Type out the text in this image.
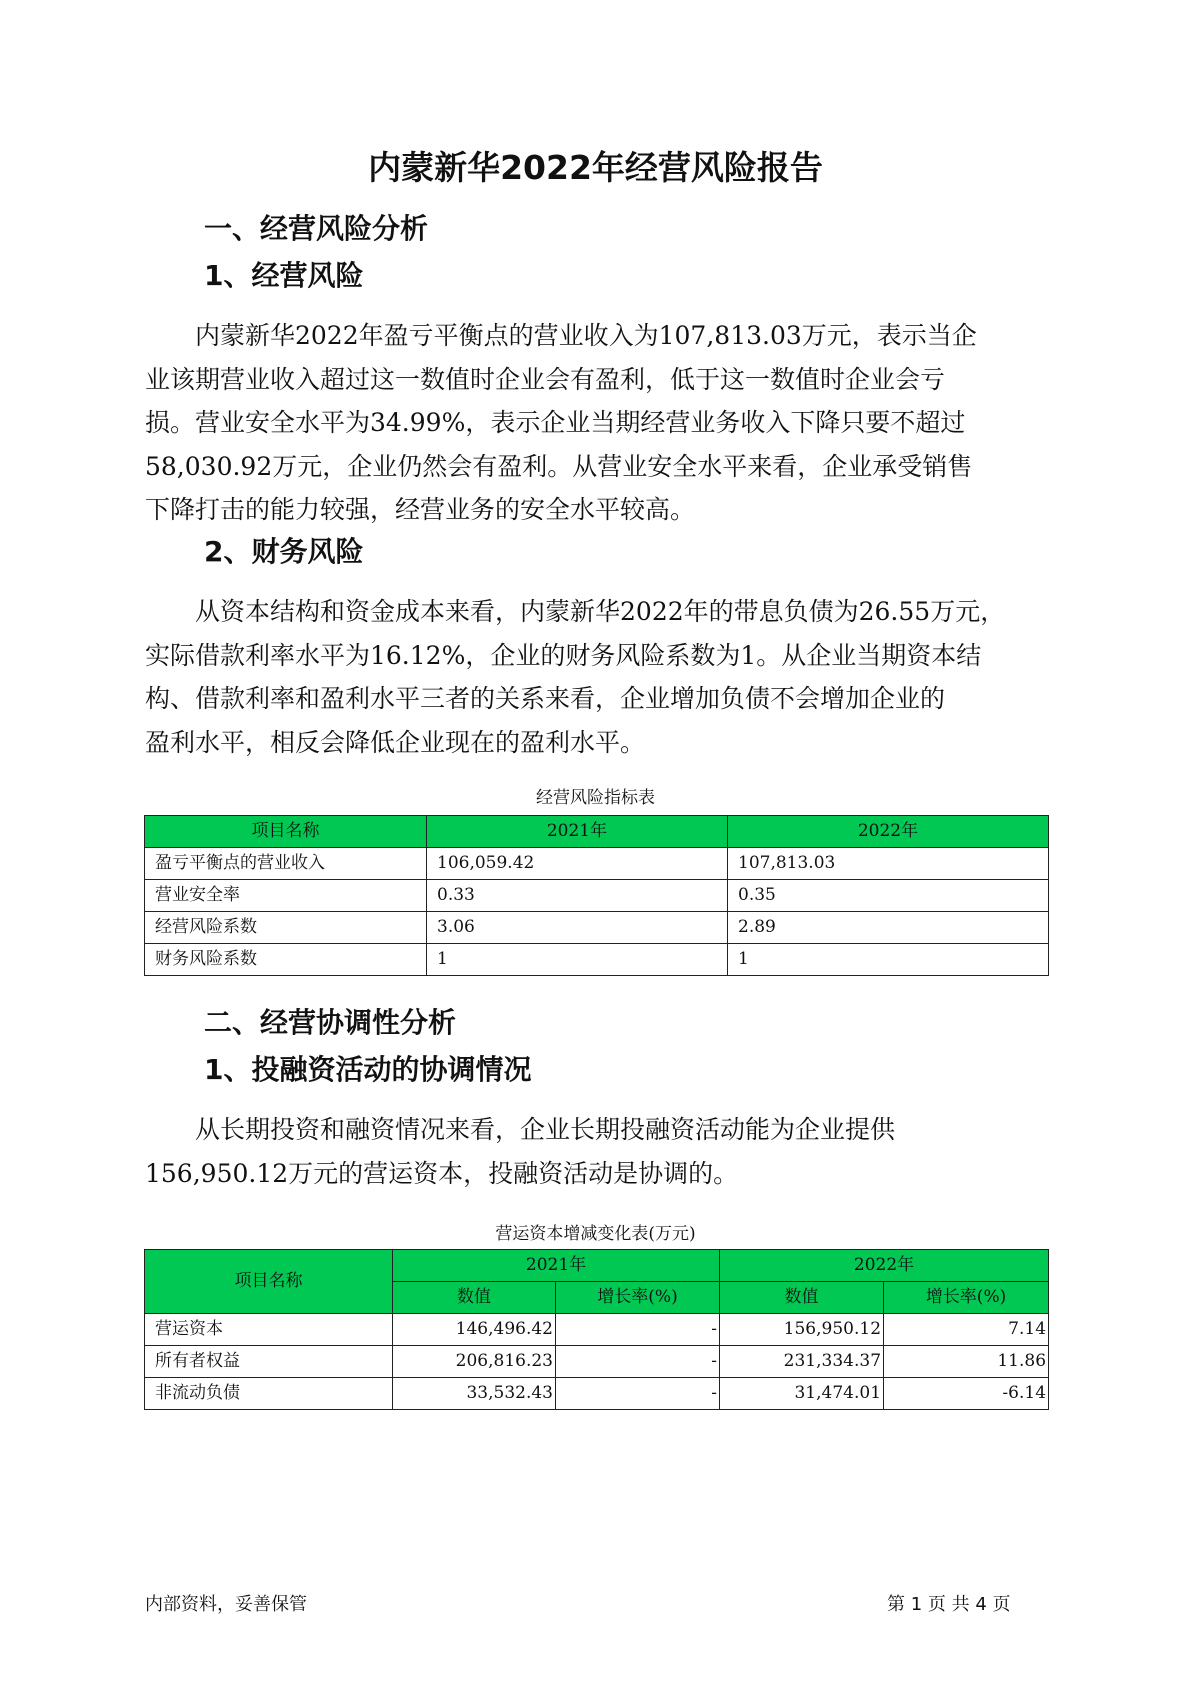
内蒙新华2022年经营风险报告
一、经营风险分析
1、经营风险
内蒙新华2022年盈亏平衡点的营业收入为107,813.03万元，表示当企
业该期营业收入超过这一数值时企业会有盈利，低于这一数值时企业会亏
损。营业安全水平为34.99%，表示企业当期经营业务收入下降只要不超过
58,030.92万元，企业仍然会有盈利。从营业安全水平来看，企业承受销售
下降打击的能力较强，经营业务的安全水平较高。
2、财务风险
从资本结构和资金成本来看，内蒙新华2022年的带息负债为26.55万元，
实际借款利率水平为16.12%，企业的财务风险系数为1。从企业当期资本结
构、借款利率和盈利水平三者的关系来看，企业增加负债不会增加企业的
盈利水平，相反会降低企业现在的盈利水平。

经营风险指标表

项目名称	2021年	2022年
盈亏平衡点的营业收入	106,059.42	107,813.03
营业安全率	0.33	0.35
经营风险系数	3.06	2.89
财务风险系数	1	1
二、经营协调性分析
1、投融资活动的协调情况
从长期投资和融资情况来看，企业长期投融资活动能为企业提供
156,950.12万元的营运资本，投融资活动是协调的。

营运资本增减变化表(万元)

项目名称	2021年		2022年	
	数值	增长率(%)	数值	增长率(%)
营运资本	146,496.42	-	156,950.12	7.14
所有者权益	206,816.23	-	231,334.37	11.86
非流动负债	33,532.43	-	31,474.01	-6.14

内部资料，妥善保管	第 1 页 共 4 页
